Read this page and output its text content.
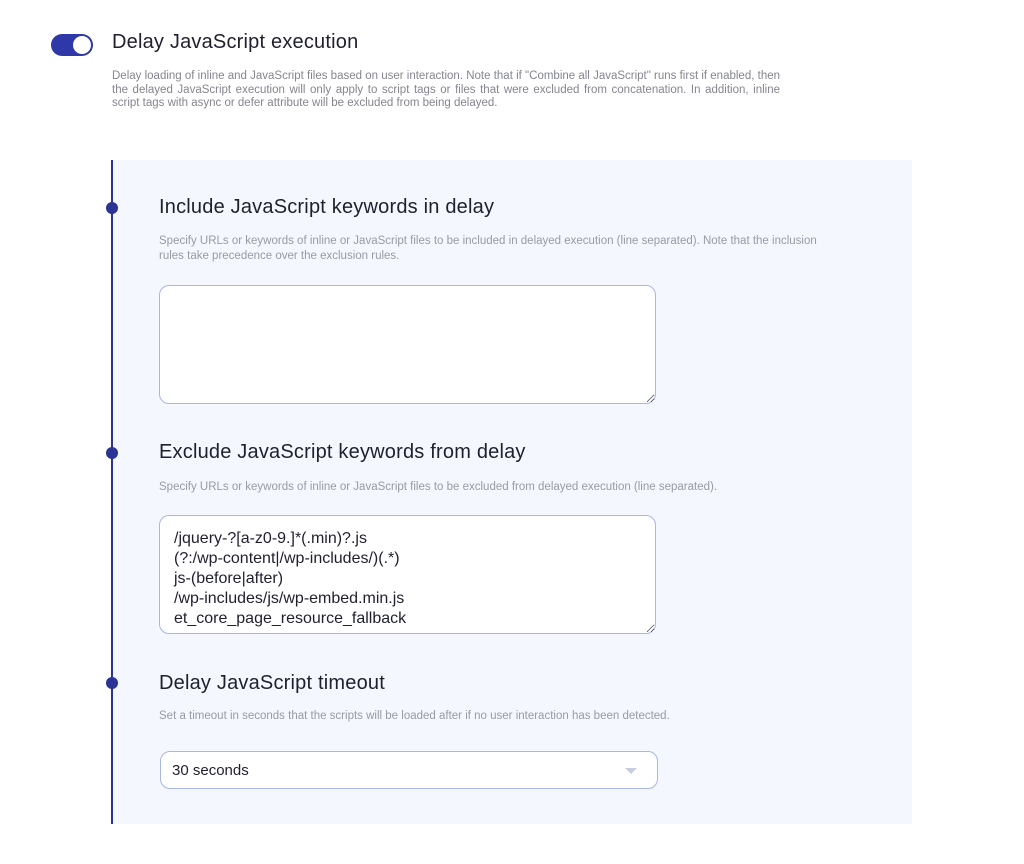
Delay JavaScript execution
Delay loading of inline and JavaScript files based on user interaction. Note that if "Combine all JavaScript" runs first if enabled, then the delayed JavaScript execution will only apply to script tags or files that were excluded from concatenation. In addition, inline script tags with async or defer attribute will be excluded from being delayed.
Include JavaScript keywords in delay
Specify URLs or keywords of inline or JavaScript files to be included in delayed execution (line separated). Note that the inclusion rules take precedence over the exclusion rules.
Exclude JavaScript keywords from delay
Specify URLs or keywords of inline or JavaScript files to be excluded from delayed execution (line separated).
/jquery-?[a-z0-9.]*(.min)?.js (?:/wp-content|/wp-includes/)(.*) js-(before|after) /wp-includes/js/wp-embed.min.js et_core_page_resource_fallback
Delay JavaScript timeout
Set a timeout in seconds that the scripts will be loaded after if no user interaction has been detected.
30 seconds
